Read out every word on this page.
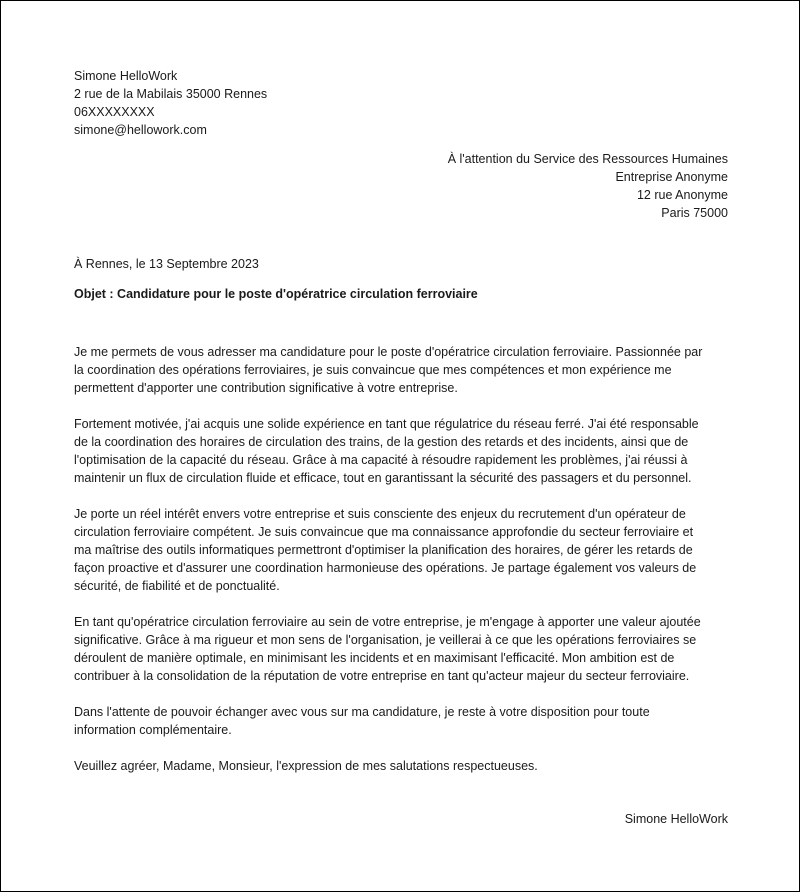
Simone HelloWork
2 rue de la Mabilais 35000 Rennes
06XXXXXXXX
simone@hellowork.com
À l'attention du Service des Ressources Humaines
Entreprise Anonyme
12 rue Anonyme
Paris 75000
À Rennes, le 13 Septembre 2023
Objet : Candidature pour le poste d'opératrice circulation ferroviaire

Je me permets de vous adresser ma candidature pour le poste d'opératrice circulation ferroviaire. Passionnée par
la coordination des opérations ferroviaires, je suis convaincue que mes compétences et mon expérience me
permettent d'apporter une contribution significative à votre entreprise.

Fortement motivée, j'ai acquis une solide expérience en tant que régulatrice du réseau ferré. J'ai été responsable
de la coordination des horaires de circulation des trains, de la gestion des retards et des incidents, ainsi que de
l'optimisation de la capacité du réseau. Grâce à ma capacité à résoudre rapidement les problèmes, j'ai réussi à
maintenir un flux de circulation fluide et efficace, tout en garantissant la sécurité des passagers et du personnel.

Je porte un réel intérêt envers votre entreprise et suis consciente des enjeux du recrutement d'un opérateur de
circulation ferroviaire compétent. Je suis convaincue que ma connaissance approfondie du secteur ferroviaire et
ma maîtrise des outils informatiques permettront d'optimiser la planification des horaires, de gérer les retards de
façon proactive et d'assurer une coordination harmonieuse des opérations. Je partage également vos valeurs de
sécurité, de fiabilité et de ponctualité.

En tant qu'opératrice circulation ferroviaire au sein de votre entreprise, je m'engage à apporter une valeur ajoutée
significative. Grâce à ma rigueur et mon sens de l'organisation, je veillerai à ce que les opérations ferroviaires se
déroulent de manière optimale, en minimisant les incidents et en maximisant l'efficacité. Mon ambition est de
contribuer à la consolidation de la réputation de votre entreprise en tant qu'acteur majeur du secteur ferroviaire.

Dans l'attente de pouvoir échanger avec vous sur ma candidature, je reste à votre disposition pour toute
information complémentaire.

Veuillez agréer, Madame, Monsieur, l'expression de mes salutations respectueuses.

Simone HelloWork
